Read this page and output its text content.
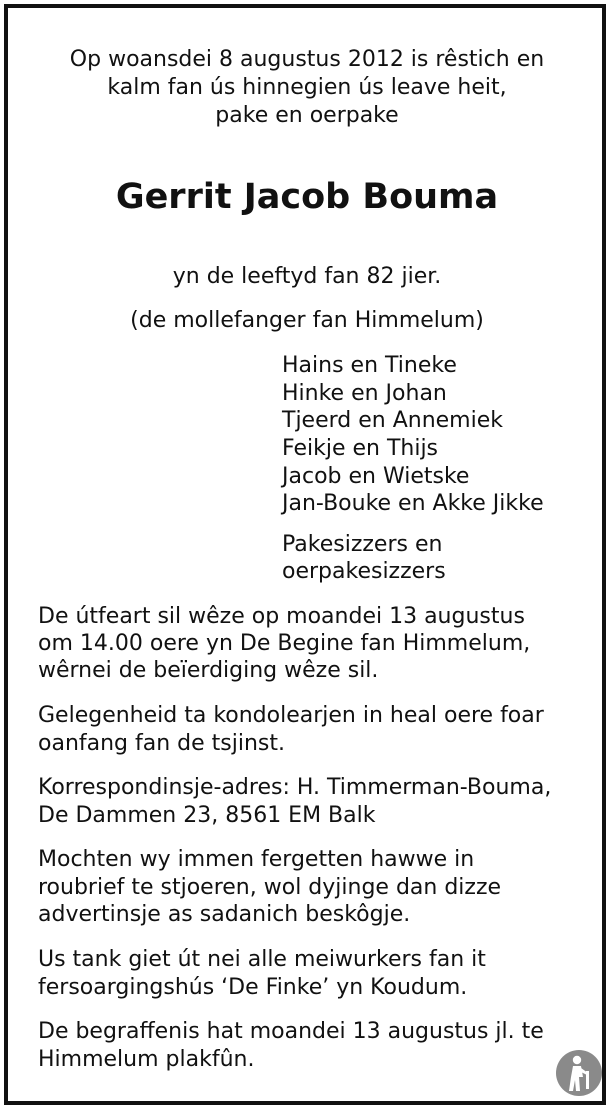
Op woansdei 8 augustus 2012 is rêstich en

kalm fan ús hinnegien ús leave heit,

pake en oerpake

Gerrit Jacob Bouma

yn de leeftyd fan 82 jier.

(de mollefanger fan Himmelum)

Hains en Tineke

Hinke en Johan

Tjeerd en Annemiek

Feikje en Thijs

Jacob en Wietske

Jan-Bouke en Akke Jikke

Pakesizzers en

oerpakesizzers

De útfeart sil wêze op moandei 13 augustus

om 14.00 oere yn De Begine fan Himmelum,

wêrnei de beïerdiging wêze sil.

Gelegenheid ta kondolearjen in heal oere foar

oanfang fan de tsjinst.

Korrespondinsje-adres: H. Timmerman-Bouma,

De Dammen 23, 8561 EM Balk

Mochten wy immen fergetten hawwe in

roubrief te stjoeren, wol dyjinge dan dizze

advertinsje as sadanich beskôgje.

Us tank giet út nei alle meiwurkers fan it

fersoargingshús ‘De Finke’ yn Koudum.

De begraffenis hat moandei 13 augustus jl. te

Himmelum plakfûn.
